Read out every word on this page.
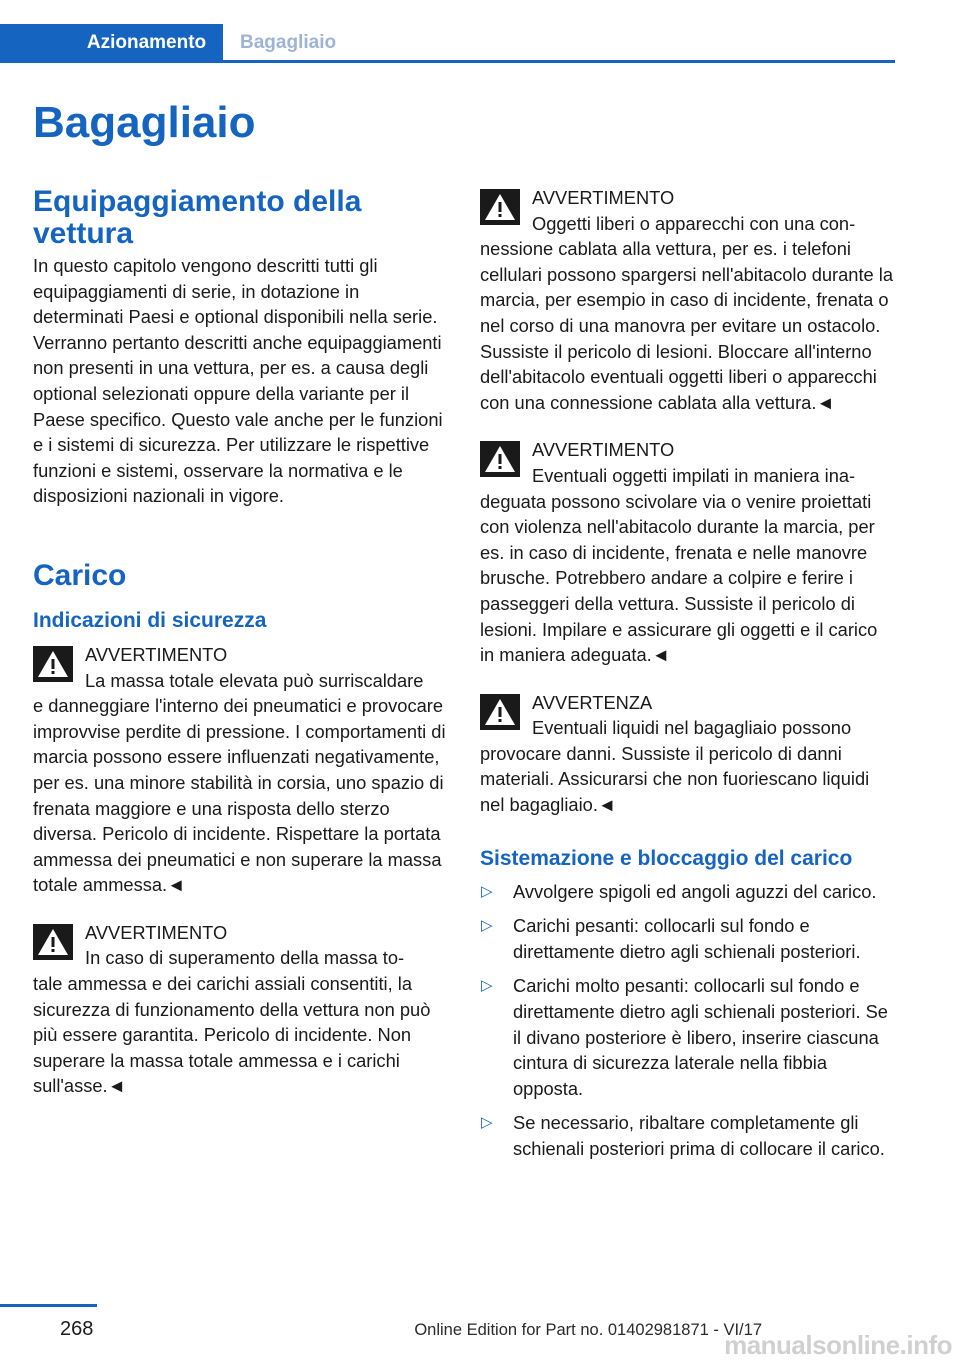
Azionamento Bagagliaio
Bagagliaio
Equipaggiamento della vettura

In questo capitolo vengono descritti tutti gli equipaggiamenti di serie, in dotazione in determinati Paesi e optional disponibili nella serie. Verranno pertanto descritti anche equipaggiamenti non presenti in una vettura, per es. a causa degli optional selezionati oppure della variante per il Paese specifico. Questo vale anche per le funzioni e i sistemi di sicurezza. Per utilizzare le rispettive funzioni e sistemi, osservare la normativa e le disposizioni nazionali in vigore.

Carico
Indicazioni di sicurezza
AVVERTIMENTO
La massa totale elevata può surriscaldare

e danneggiare l'interno dei pneumatici e provocare improvvise perdite di pressione. I comportamenti di marcia possono essere influenzati negativamente, per es. una minore stabilità in corsia, uno spazio di frenata maggiore e una risposta dello sterzo diversa. Pericolo di incidente. Rispettare la portata ammessa dei pneumatici e non superare la massa totale ammessa.◄

AVVERTIMENTO
In caso di superamento della massa to-

tale ammessa e dei carichi assiali consentiti, la sicurezza di funzionamento della vettura non può più essere garantita. Pericolo di incidente. Non superare la massa totale ammessa e i carichi sull'asse.◄

AVVERTIMENTO
Oggetti liberi o apparecchi con una con-

nessione cablata alla vettura, per es. i telefoni cellulari possono spargersi nell'abitacolo durante la marcia, per esempio in caso di incidente, frenata o nel corso di una manovra per evitare un ostacolo. Sussiste il pericolo di lesioni. Bloccare all'interno dell'abitacolo eventuali oggetti liberi o apparecchi con una connessione cablata alla vettura.◄

AVVERTIMENTO
Eventuali oggetti impilati in maniera ina-

deguata possono scivolare via o venire proiettati con violenza nell'abitacolo durante la marcia, per es. in caso di incidente, frenata e nelle manovre brusche. Potrebbero andare a colpire e ferire i passeggeri della vettura. Sussiste il pericolo di lesioni. Impilare e assicurare gli oggetti e il carico in maniera adeguata.◄

AVVERTENZA
Eventuali liquidi nel bagagliaio possono

provocare danni. Sussiste il pericolo di danni materiali. Assicurarsi che non fuoriescano liquidi nel bagagliaio.◄

Sistemazione e bloccaggio del carico
▷ Avvolgere spigoli ed angoli aguzzi del carico.
▷ Carichi pesanti: collocarli sul fondo e direttamente dietro agli schienali posteriori.
▷ Carichi molto pesanti: collocarli sul fondo e direttamente dietro agli schienali posteriori. Se il divano posteriore è libero, inserire ciascuna cintura di sicurezza laterale nella fibbia opposta.
▷ Se necessario, ribaltare completamente gli schienali posteriori prima di collocare il carico.
268	Online Edition for Part no. 01402981871 - VI/17
manualsonline.info
